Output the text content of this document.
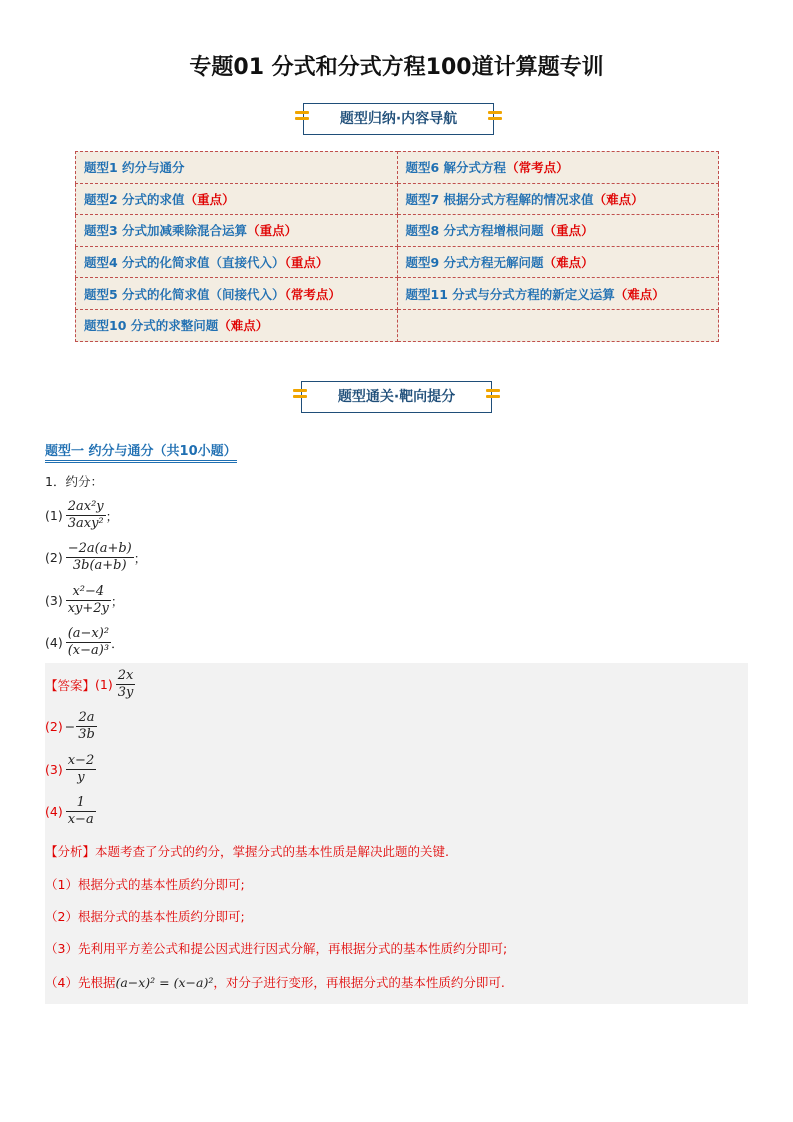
专题01 分式和分式方程100道计算题专训
题型归纳·内容导航
题型1 约分与通分	题型6 解分式方程（常考点）
题型2 分式的求值（重点）	题型7 根据分式方程解的情况求值（难点）
题型3 分式加减乘除混合运算（重点）	题型8 分式方程增根问题（重点）
题型4 分式的化简求值（直接代入）（重点）	题型9 分式方程无解问题（难点）
题型5 分式的化简求值（间接代入）（常考点）	题型11 分式与分式方程的新定义运算（难点）
题型10 分式的求整问题（难点）	
题型通关·靶向提分
题型一 约分与通分（共10小题）
1．约分：
$(1) \frac{\text{2ax²y}}{\text{3axy²}}$ ；
$(2) \frac{-2a(a+b)}{3b(a+b)}$ ；
$(3) \frac{\text{x²−4}}{xy+2y}$ ；
$(4) \frac{\text{(a−x)²}}{\text{(x−a)³}}$ ．
【答案】 $(1) \frac{2x}{3y}$
$(2) - \frac{2a}{3b}$
$(3) \frac{x-2}{y}$
$(4) \frac{1}{x-a}$
【分析】本题考查了分式的约分，掌握分式的基本性质是解决此题的关键.
（1）根据分式的基本性质约分即可;
（2）根据分式的基本性质约分即可;
（3）先利用平方差公式和提公因式进行因式分解，再根据分式的基本性质约分即可;
（4）先根据(a−x)² = (x−a)²，对分子进行变形，再根据分式的基本性质约分即可.
